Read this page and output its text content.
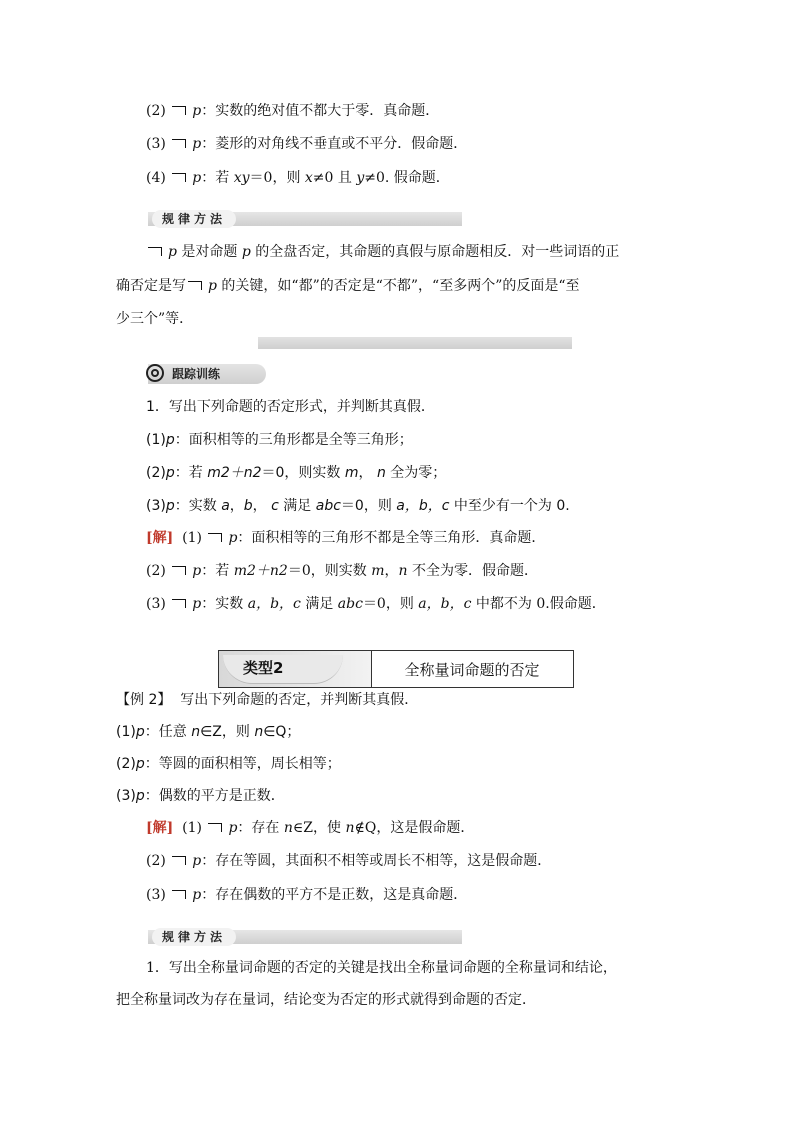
(2) p：实数的绝对值不都大于零．真命题．
(3) p：菱形的对角线不垂直或不平分．假命题．
(4) p：若 xy＝0，则 x≠0 且 y≠0. 假命题．
规律方法
p 是对命题 p 的全盘否定，其命题的真假与原命题相反．对一些词语的正
确否定是写 p 的关键，如“都”的否定是“不都”，“至多两个”的反面是“至
少三个”等．
跟踪训练
1．写出下列命题的否定形式，并判断其真假．
(1)p：面积相等的三角形都是全等三角形；
(2)p：若 m2＋n2＝0，则实数 m， n 全为零；
(3)p：实数 a，b， c 满足 abc＝0，则 a，b，c 中至少有一个为 0.
[解] (1) p：面积相等的三角形不都是全等三角形．真命题．
(2) p：若 m2＋n2＝0，则实数 m，n 不全为零．假命题．
(3) p：实数 a，b，c 满足 abc＝0，则 a，b，c 中都不为 0.假命题．
类型2	全称量词命题的否定
【例 2】 写出下列命题的否定，并判断其真假．
(1)p：任意 n∈Z，则 n∈Q；
(2)p：等圆的面积相等，周长相等；
(3)p：偶数的平方是正数．
[解] (1) p：存在 n∈Z，使 n∉Q，这是假命题．
(2) p：存在等圆，其面积不相等或周长不相等，这是假命题．
(3) p：存在偶数的平方不是正数，这是真命题．
规律方法
1．写出全称量词命题的否定的关键是找出全称量词命题的全称量词和结论，
把全称量词改为存在量词，结论变为否定的形式就得到命题的否定．
